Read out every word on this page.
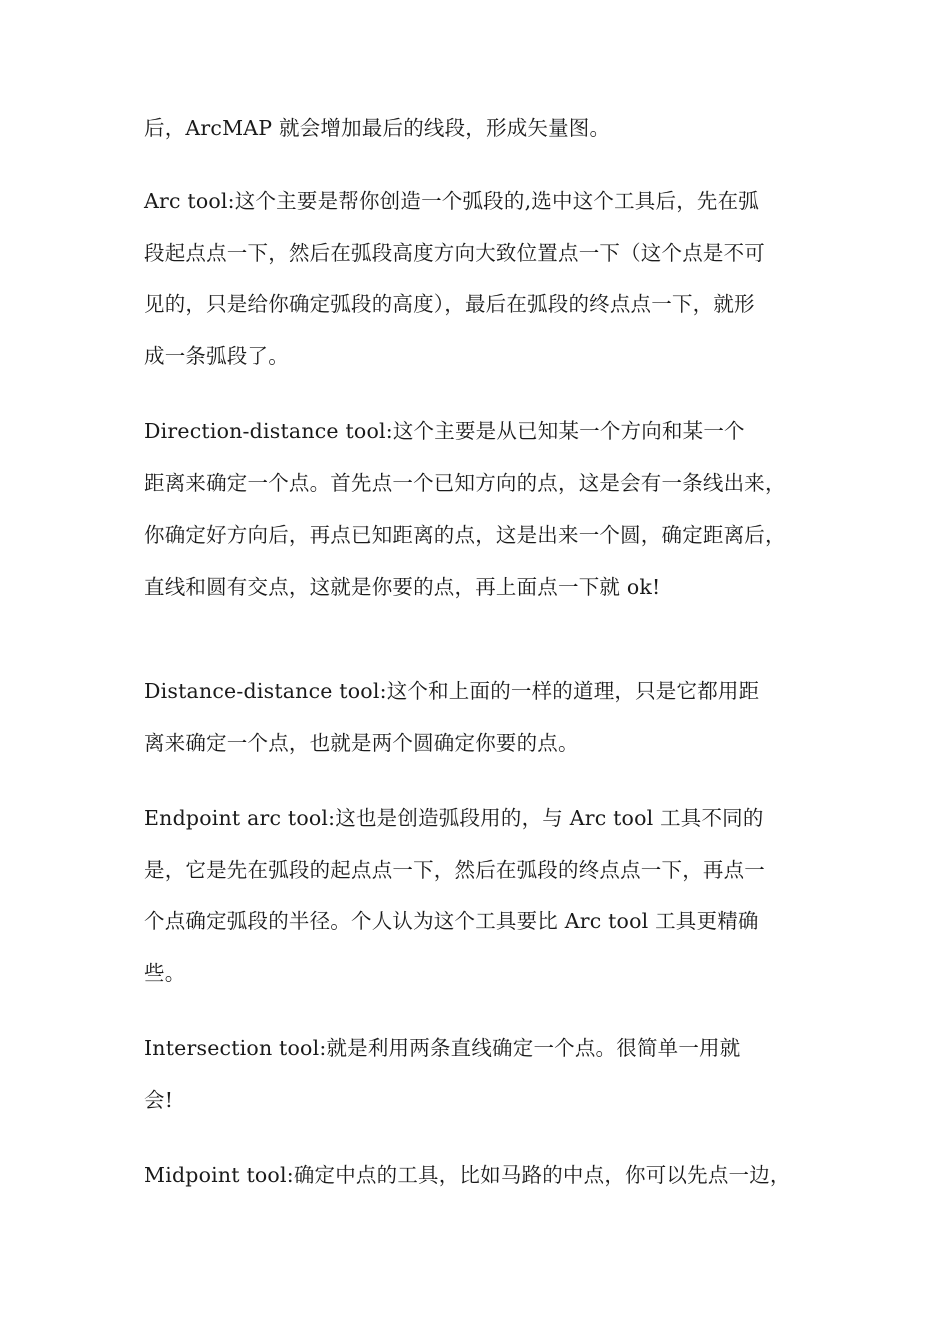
后，ArcMAP 就会增加最后的线段，形成矢量图。
Arc tool:这个主要是帮你创造一个弧段的,选中这个工具后，先在弧
段起点点一下，然后在弧段高度方向大致位置点一下（这个点是不可
见的，只是给你确定弧段的高度），最后在弧段的终点点一下，就形
成一条弧段了。
Direction-distance tool:这个主要是从已知某一个方向和某一个
距离来确定一个点。首先点一个已知方向的点，这是会有一条线出来，
你确定好方向后，再点已知距离的点，这是出来一个圆，确定距离后，
直线和圆有交点，这就是你要的点，再上面点一下就 ok!
Distance-distance tool:这个和上面的一样的道理，只是它都用距
离来确定一个点，也就是两个圆确定你要的点。
Endpoint arc tool:这也是创造弧段用的，与 Arc tool 工具不同的
是，它是先在弧段的起点点一下，然后在弧段的终点点一下，再点一
个点确定弧段的半径。个人认为这个工具要比 Arc tool 工具更精确
些。
Intersection tool:就是利用两条直线确定一个点。很简单一用就
会!
Midpoint tool:确定中点的工具，比如马路的中点，你可以先点一边，
